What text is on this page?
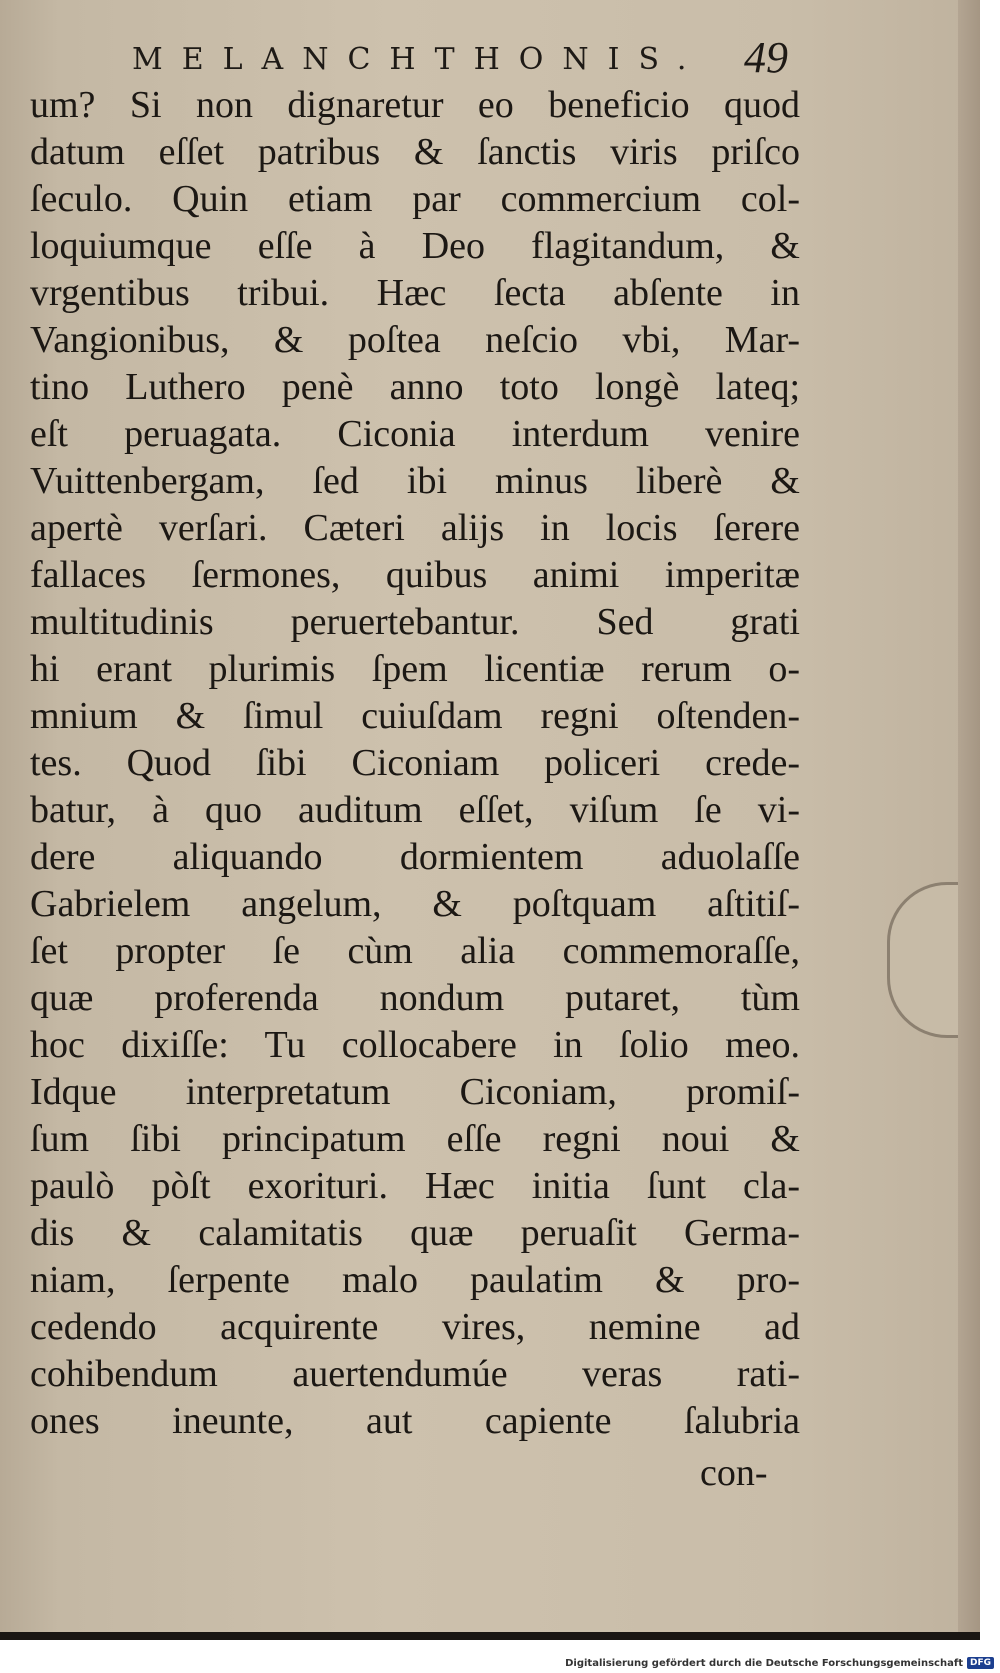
MELANCHTHONIS. 49
um? Si non dignaretur eo beneficio quod
datum eſſet patribus & ſanctis viris priſco
ſeculo. Quin etiam par commercium col-
loquiumque eſſe à Deo flagitandum, &
vrgentibus tribui. Hæc ſecta abſente in
Vangionibus, & poſtea neſcio vbi, Mar-
tino Luthero penè anno toto longè lateq;
eſt peruagata. Ciconia interdum venire
Vuittenbergam, ſed ibi minus liberè &
apertè verſari. Cæteri alijs in locis ſerere
fallaces ſermones, quibus animi imperitæ
multitudinis peruertebantur. Sed grati
hi erant plurimis ſpem licentiæ rerum o-
mnium & ſimul cuiuſdam regni oſtenden-
tes. Quod ſibi Ciconiam policeri crede-
batur, à quo auditum eſſet, viſum ſe vi-
dere aliquando dormientem aduolaſſe
Gabrielem angelum, & poſtquam aſtitiſ-
ſet propter ſe cùm alia commemoraſſe,
quæ proferenda nondum putaret, tùm
hoc dixiſſe: Tu collocabere in ſolio meo.
Idque interpretatum Ciconiam, promiſ-
ſum ſibi principatum eſſe regni noui &
paulò pòſt exorituri. Hæc initia ſunt cla-
dis & calamitatis quæ peruaſit Germa-
niam, ſerpente malo paulatim & pro-
cedendo acquirente vires, nemine ad
cohibendum auertendumúe veras rati-
ones ineunte, aut capiente ſalubria
con-
Digitalisierung gefördert durch die Deutsche Forschungsgemeinschaft DFG
